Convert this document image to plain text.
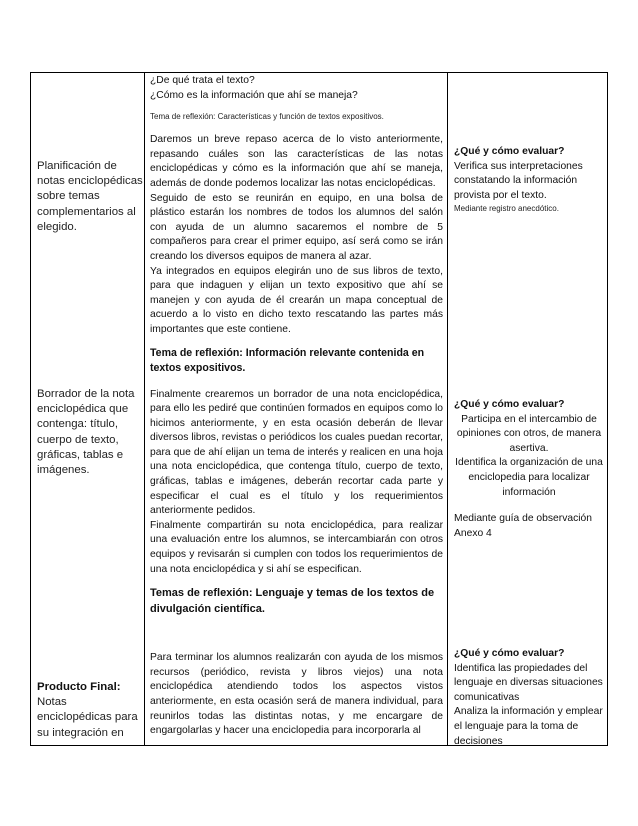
Planificación de notas enciclopédicas sobre temas complementarios al elegido.
Borrador de la nota enciclopédica que contenga: título, cuerpo de texto, gráficas, tablas e imágenes.
Producto Final:
Notas enciclopédicas para su integración en

¿De qué trata el texto?

¿Cómo es la información que ahí se maneja?

Tema de reflexión: Características y función de textos expositivos.

Daremos un breve repaso acerca de lo visto anteriormente, repasando cuáles son las características de las notas enciclopédicas y cómo es la información que ahí se maneja, además de donde podemos localizar las notas enciclopédicas.

Seguido de esto se reunirán en equipo, en una bolsa de plástico estarán los nombres de todos los alumnos del salón con ayuda de un alumno sacaremos el nombre de 5 compañeros para crear el primer equipo, así será como se irán creando los diversos equipos de manera al azar.

Ya integrados en equipos elegirán uno de sus libros de texto, para que indaguen y elijan un texto expositivo que ahí se manejen y con ayuda de él crearán un mapa conceptual de acuerdo a lo visto en dicho texto rescatando las partes más importantes que este contiene.

Tema de reflexión: Información relevante contenida en textos expositivos.

Finalmente crearemos un borrador de una nota enciclopédica, para ello les pediré que continúen formados en equipos como lo hicimos anteriormente, y en esta ocasión deberán de llevar diversos libros, revistas o periódicos los cuales puedan recortar, para que de ahí elijan un tema de interés y realicen en una hoja una nota enciclopédica, que contenga título, cuerpo de texto, gráficas, tablas e imágenes, deberán recortar cada parte y especificar el cual es el título y los requerimientos anteriormente pedidos.

Finalmente compartirán su nota enciclopédica, para realizar una evaluación entre los alumnos, se intercambiarán con otros equipos y revisarán si cumplen con todos los requerimientos de una nota enciclopédica y si ahí se especifican.

Temas de reflexión: Lenguaje y temas de los textos de divulgación científica.

Para terminar los alumnos realizarán con ayuda de los mismos recursos (periódico, revista y libros viejos) una nota enciclopédica atendiendo todos los aspectos vistos anteriormente, en esta ocasión será de manera individual, para reunirlos todas las distintas notas, y me encargare de engargolarlas y hacer una enciclopedia para incorporarla al

¿Qué y cómo evaluar?
Verifica sus interpretaciones constatando la información provista por el texto.
Mediante registro anecdótico.
¿Qué y cómo evaluar?
Participa en el intercambio de opiniones con otros, de manera asertiva.
Identifica la organización de una enciclopedia para localizar información
Mediante guía de observación
Anexo 4
¿Qué y cómo evaluar?
Identifica las propiedades del lenguaje en diversas situaciones comunicativas
Analiza la información y emplear el lenguaje para la toma de decisiones
